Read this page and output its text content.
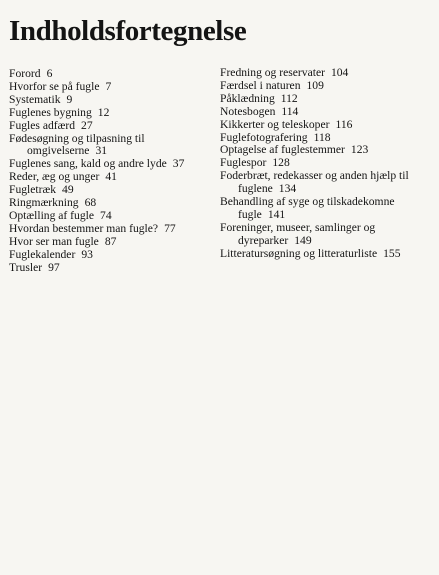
Indholdsfortegnelse
Forord 6
Hvorfor se på fugle 7
Systematik 9
Fuglenes bygning 12
Fugles adfærd 27
Fødesøgning og tilpasning til
omgivelserne 31
Fuglenes sang, kald og andre lyde 37
Reder, æg og unger 41
Fugletræk 49
Ringmærkning 68
Optælling af fugle 74
Hvordan bestemmer man fugle? 77
Hvor ser man fugle 87
Fuglekalender 93
Trusler 97
Fredning og reservater 104
Færdsel i naturen 109
Påklædning 112
Notesbogen 114
Kikkerter og teleskoper 116
Fuglefotografering 118
Optagelse af fuglestemmer 123
Fuglespor 128
Foderbræt, redekasser og anden hjælp til
fuglene 134
Behandling af syge og tilskadekomne
fugle 141
Foreninger, museer, samlinger og
dyreparker 149
Litteratursøgning og litteraturliste 155
